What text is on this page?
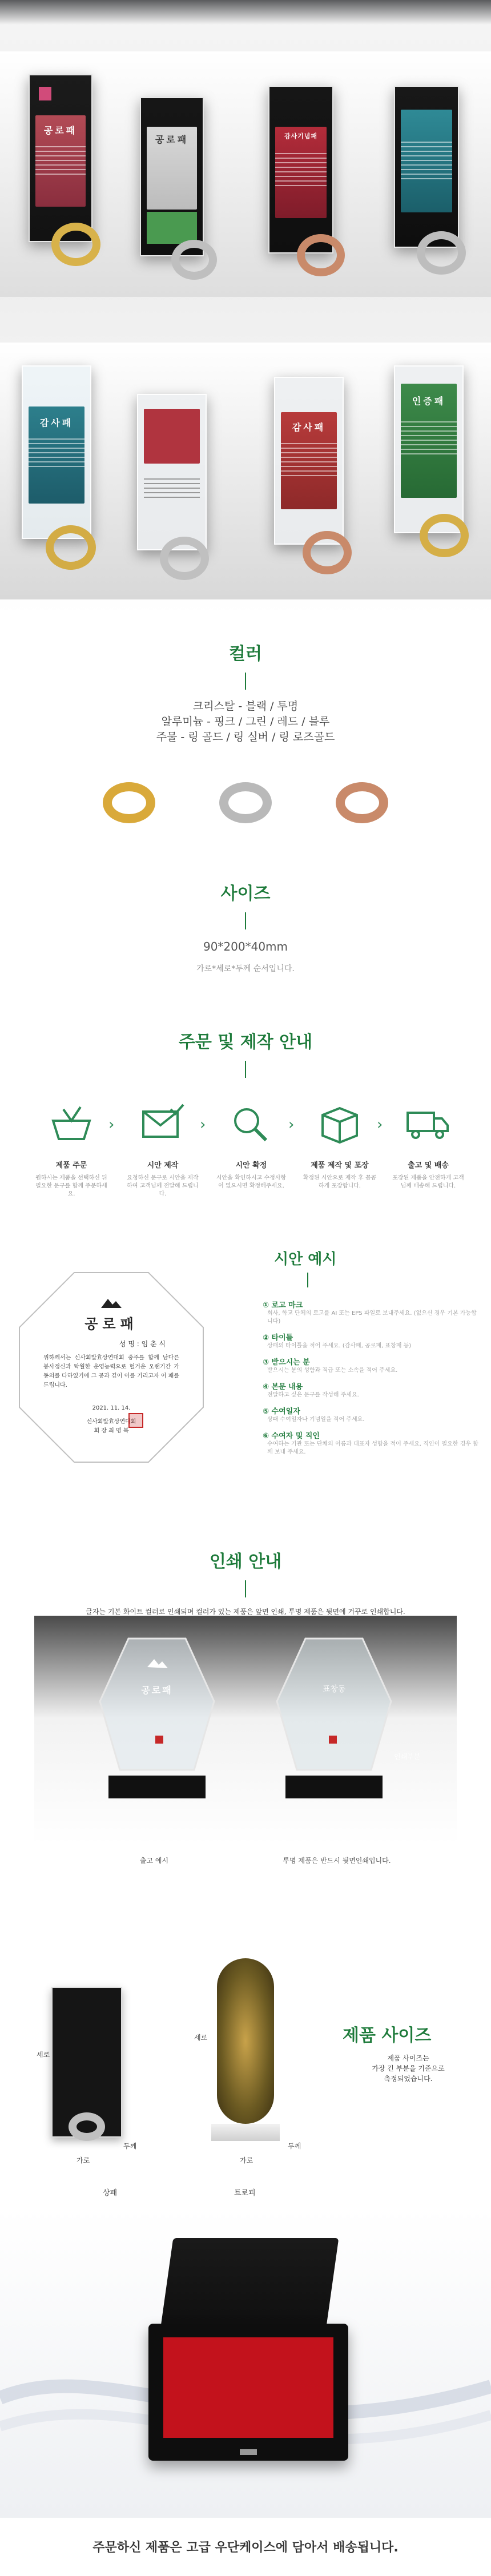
공로패
공로패	감사기념패
감사패	감사패
인증패
컬러
크리스탈 - 블랙 / 투명
알루미늄 - 핑크 / 그린 / 레드 / 블루
주물 - 링 골드 / 링 실버 / 링 로즈골드
사이즈
90*200*40mm
가로*세로*두께 순서입니다.
주문 및 제작 안내
제품 주문
원하시는 제품을 선택하신 뒤 필요한 문구를 함께 주문하세요.
›
시안 제작
요청하신 문구로 시안을 제작하여 고객님께 전달해 드립니다.
›
시안 확정
시안을 확인하시고 수정사항이 없으시면 확정해주세요.
›
제품 제작 및 포장
확정된 시안으로 제작 후 꼼꼼하게 포장합니다.
›
출고 및 배송
포장된 제품을 안전하게 고객님께 배송해 드립니다.
시안 예시
공로패
성 명 : 임 춘 식
위하께서는 신사회발효상연대회 중주를 함께 남다른 봉사정신과 탁월한 운영능력으로 헐거운 오랜기간 가 동의를 다하였기에 그 공과 깊이 이를 기리고자 이 패를 드립니다.
2021. 11. 14.
신사회발효상연대회
회 장 최 명 복
① 로고 마크
회사, 학교 단체의 로고를 AI 또는 EPS 파일로 보내주세요. (없으신 경우 기본 가능합니다)
② 타이틀
상패의 타이틀을 적어 주세요. (감사패, 공로패, 표창패 등)
③ 받으시는 분
받으시는 분의 성함과 직급 또는 소속을 적어 주세요.
④ 본문 내용
전달하고 싶은 문구를 작성해 주세요.
⑤ 수여일자
상패 수여일자나 기념일을 적어 주세요.
⑥ 수여자 및 직인
수여하는 기관 또는 단체의 이름과 대표자 성함을 적어 주세요. 직인이 필요한 경우 함께 보내 주세요.
인쇄 안내
글자는 기본 화이트 컬러로 인쇄되며 컬러가 있는 제품은 앞면 인쇄, 투명 제품은 뒷면에 거꾸로 인쇄합니다.
공로패	표창동
인쇄부분
출고 예시	투명 제품은 반드시 뒷면인쇄입니다.
세로
가로
두께
상패
세로
가로
두께
트로피
제품 사이즈
제품 사이즈는
가장 긴 부분을 기준으로
측정되었습니다.
주문하신 제품은 고급 우단케이스에 담아서 배송됩니다.
